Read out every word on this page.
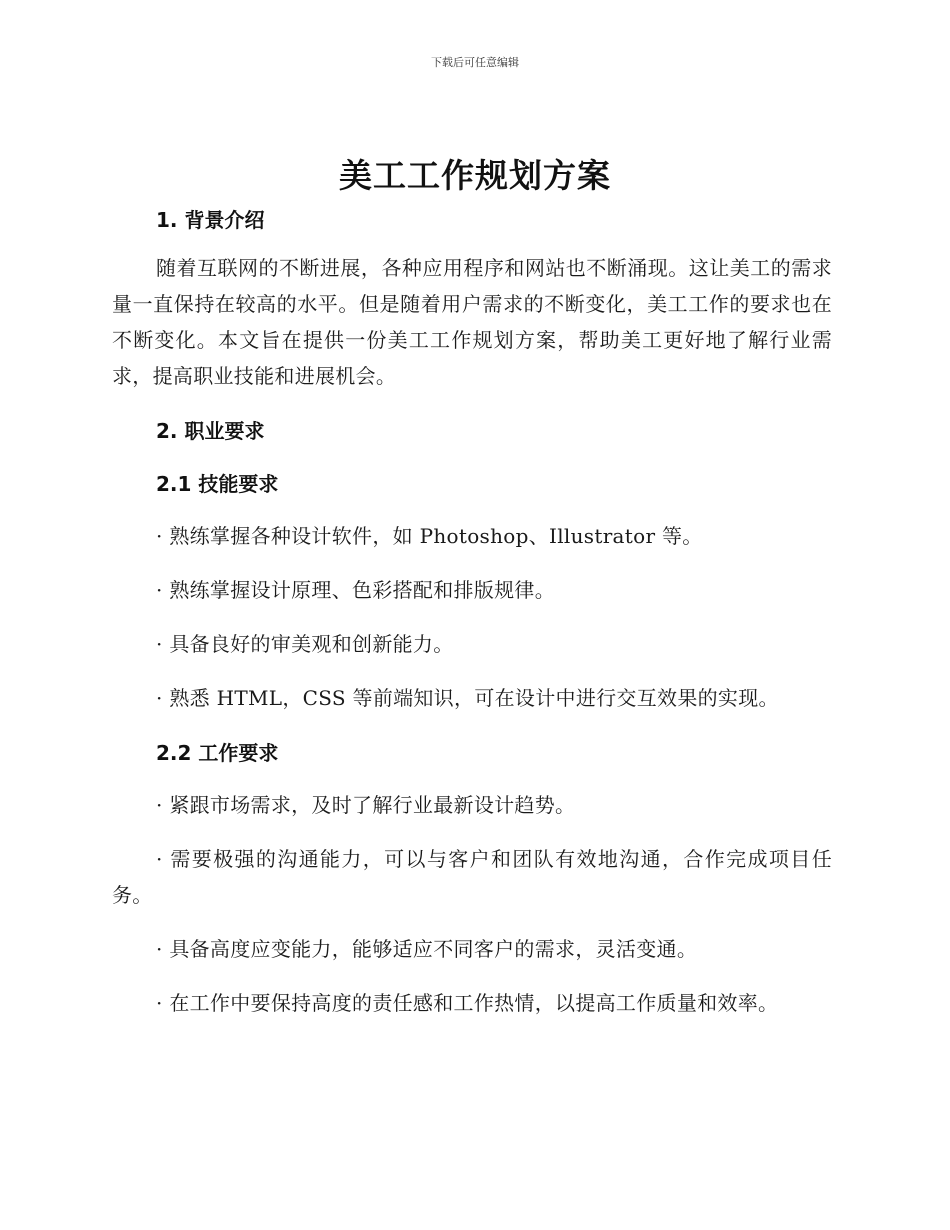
下载后可任意编辑
美工工作规划方案
1. 背景介绍
随着互联网的不断进展，各种应用程序和网站也不断涌现。这让美工的需求量一直保持在较高的水平。但是随着用户需求的不断变化，美工工作的要求也在不断变化。本文旨在提供一份美工工作规划方案，帮助美工更好地了解行业需求，提高职业技能和进展机会。
2. 职业要求
2.1 技能要求
· 熟练掌握各种设计软件，如 Photoshop、Illustrator 等。
· 熟练掌握设计原理、色彩搭配和排版规律。
· 具备良好的审美观和创新能力。
· 熟悉 HTML，CSS 等前端知识，可在设计中进行交互效果的实现。
2.2 工作要求
· 紧跟市场需求，及时了解行业最新设计趋势。
· 需要极强的沟通能力，可以与客户和团队有效地沟通，合作完成项目任务。
· 具备高度应变能力，能够适应不同客户的需求，灵活变通。
· 在工作中要保持高度的责任感和工作热情，以提高工作质量和效率。
